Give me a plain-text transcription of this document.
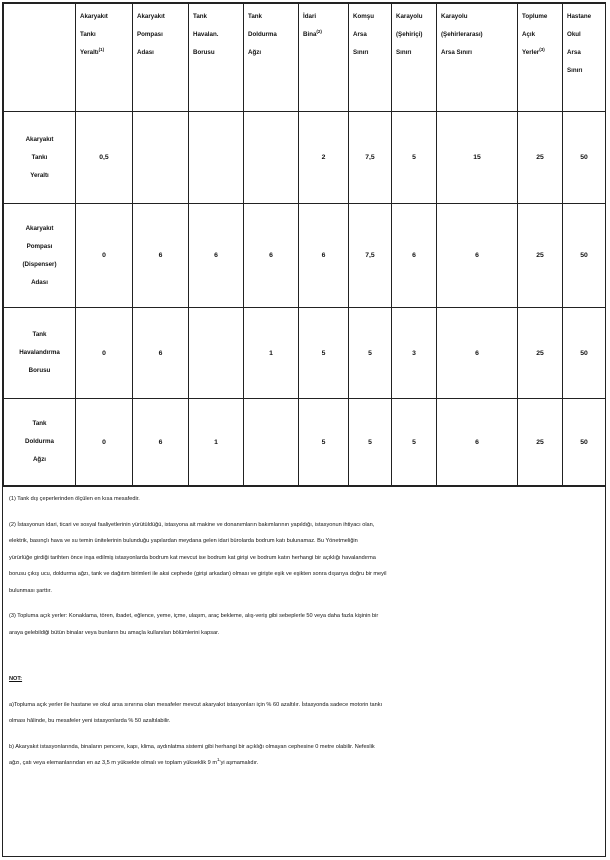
	Akaryakıt
Tankı
Yeraltı$^{(1)}$	Akaryakıt
Pompası
Adası	Tank
Havalan.
Borusu	Tank
Doldurma
Ağzı	İdari
Bina$^{(2)}$	Komşu
Arsa
Sınırı	Karayolu
(Şehiriçi)
Sınırı	Karayolu
(Şehirlerarası)
Arsa Sınırı	Toplume
Açık
Yerler$^{(3)}$	Hastane
Okul
Arsa
Sınırı

Akaryakıt
Tankı
Yeraltı	0,5				2	7,5	5	15	25	50

Akaryakıt
Pompası
(Dispenser)
Adası	0	6	6	6	6	7,5	6	6	25	50

Tank
Havalandırma
Borusu	0	6		1	5	5	3	6	25	50

Tank
Doldurma
Ağzı	0	6	1		5	5	5	6	25	50

(1) Tank dış çeperlerinden ölçülen en kısa mesafedir.

(2) İstasyonun idari, ticari ve sosyal faaliyetlerinin yürütüldüğü, istasyona ait makine ve donanımların bakımlarının yapıldığı, istasyonun ihtiyacı olan,

elektrik, basınçlı hava ve su temin ünitelerinin bulunduğu yapılardan meydana gelen idari bürolarda bodrum katı bulunamaz. Bu Yönetmeliğin

yürürlüğe girdiği tarihten önce inşa edilmiş istasyonlarda bodrum kat mevcut ise bodrum kat girişi ve bodrum katın herhangi bir açıklığı havalandırma

borusu çıkış ucu, doldurma ağzı, tank ve dağıtım birimleri ile aksi cephede (girişi arkadan) olması ve girişte eşik ve eşikten sonra dışarıya doğru bir meyil

bulunması şarttır.

(3) Topluma açık yerler: Konaklama, tören, ibadet, eğlence, yeme, içme, ulaşım, araç bekleme, alış-veriş gibi sebeplerle 50 veya daha fazla kişinin bir

araya gelebildiği bütün binalar veya bunların bu amaçla kullanılan bölümlerini kapsar.

NOT:

a)Topluma açık yerler ile hastane ve okul arsa sınırına olan mesafeler mevcut akaryakıt istasyonları için % 60 azaltılır. İstasyonda sadece motorin tankı

olması hâlinde, bu mesafeler yeni istasyonlarda % 50 azaltılabilir.

b) Akaryakıt istasyonlarında, binaların pencere, kapı, klima, aydınlatma sistemi gibi herhangi bir açıklığı olmayan cephesine 0 metre olabilir. Nefeslik

ağzı, çatı veya elemanlarından en az 3,5 m yüksekte olmalı ve toplam yükseklik 9 $m^1'yi$ aşmamalıdır.
